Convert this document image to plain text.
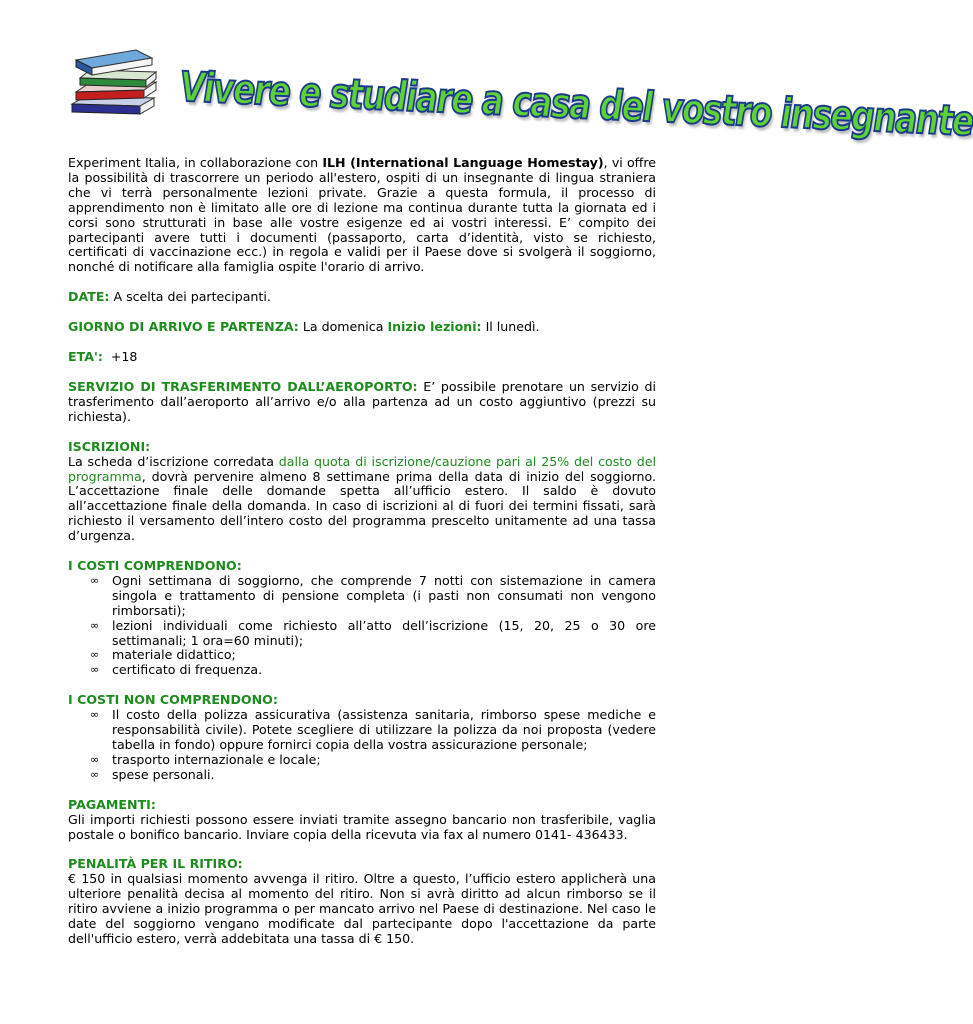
Vivere e studiare a casa del vostro insegnante

Experiment Italia, in collaborazione con ILH (International Language Homestay), vi offre la possibilità di trascorrere un periodo all'estero, ospiti di un insegnante di lingua straniera che vi terrà personalmente lezioni private. Grazie a questa formula, il processo di apprendimento non è limitato alle ore di lezione ma continua durante tutta la giornata ed i corsi sono strutturati in base alle vostre esigenze ed ai vostri interessi. E’ compito dei partecipanti avere tutti i documenti (passaporto, carta d’identità, visto se richiesto, certificati di vaccinazione ecc.) in regola e validi per il Paese dove si svolgerà il soggiorno, nonché di notificare alla famiglia ospite l'orario di arrivo.

DATE: A scelta dei partecipanti.

GIORNO DI ARRIVO E PARTENZA: La domenica Inizio lezioni: Il lunedì.

ETA':  +18

SERVIZIO DI TRASFERIMENTO DALL’AEROPORTO: E’ possibile prenotare un servizio di trasferimento dall’aeroporto all’arrivo e/o alla partenza ad un costo aggiuntivo (prezzi su richiesta).

ISCRIZIONI:

La scheda d’iscrizione corredata dalla quota di iscrizione/cauzione pari al 25% del costo del programma, dovrà pervenire almeno 8 settimane prima della data di inizio del soggiorno. L’accettazione finale delle domande spetta all’ufficio estero. Il saldo è dovuto all’accettazione finale della domanda. In caso di iscrizioni al di fuori dei termini fissati, sarà richiesto il versamento dell’intero costo del programma prescelto unitamente ad una tassa d’urgenza.

I COSTI COMPRENDONO:

∞ Ogni settimana di soggiorno, che comprende 7 notti con sistemazione in camera singola e trattamento di pensione completa (i pasti non consumati non vengono rimborsati);
∞ lezioni individuali come richiesto all’atto dell’iscrizione (15, 20, 25 o 30 ore settimanali; 1 ora=60 minuti);
∞ materiale didattico;
∞ certificato di frequenza.

I COSTI NON COMPRENDONO:

∞ Il costo della polizza assicurativa (assistenza sanitaria, rimborso spese mediche e responsabilità civile). Potete scegliere di utilizzare la polizza da noi proposta (vedere tabella in fondo) oppure fornirci copia della vostra assicurazione personale;
∞ trasporto internazionale e locale;
∞ spese personali.

PAGAMENTI:

Gli importi richiesti possono essere inviati tramite assegno bancario non trasferibile, vaglia postale o bonifico bancario. Inviare copia della ricevuta via fax al numero 0141- 436433.

PENALITÀ PER IL RITIRO:

€ 150 in qualsiasi momento avvenga il ritiro. Oltre a questo, l’ufficio estero applicherà una ulteriore penalità decisa al momento del ritiro. Non si avrà diritto ad alcun rimborso se il ritiro avviene a inizio programma o per mancato arrivo nel Paese di destinazione. Nel caso le date del soggiorno vengano modificate dal partecipante dopo l'accettazione da parte dell'ufficio estero, verrà addebitata una tassa di € 150.
